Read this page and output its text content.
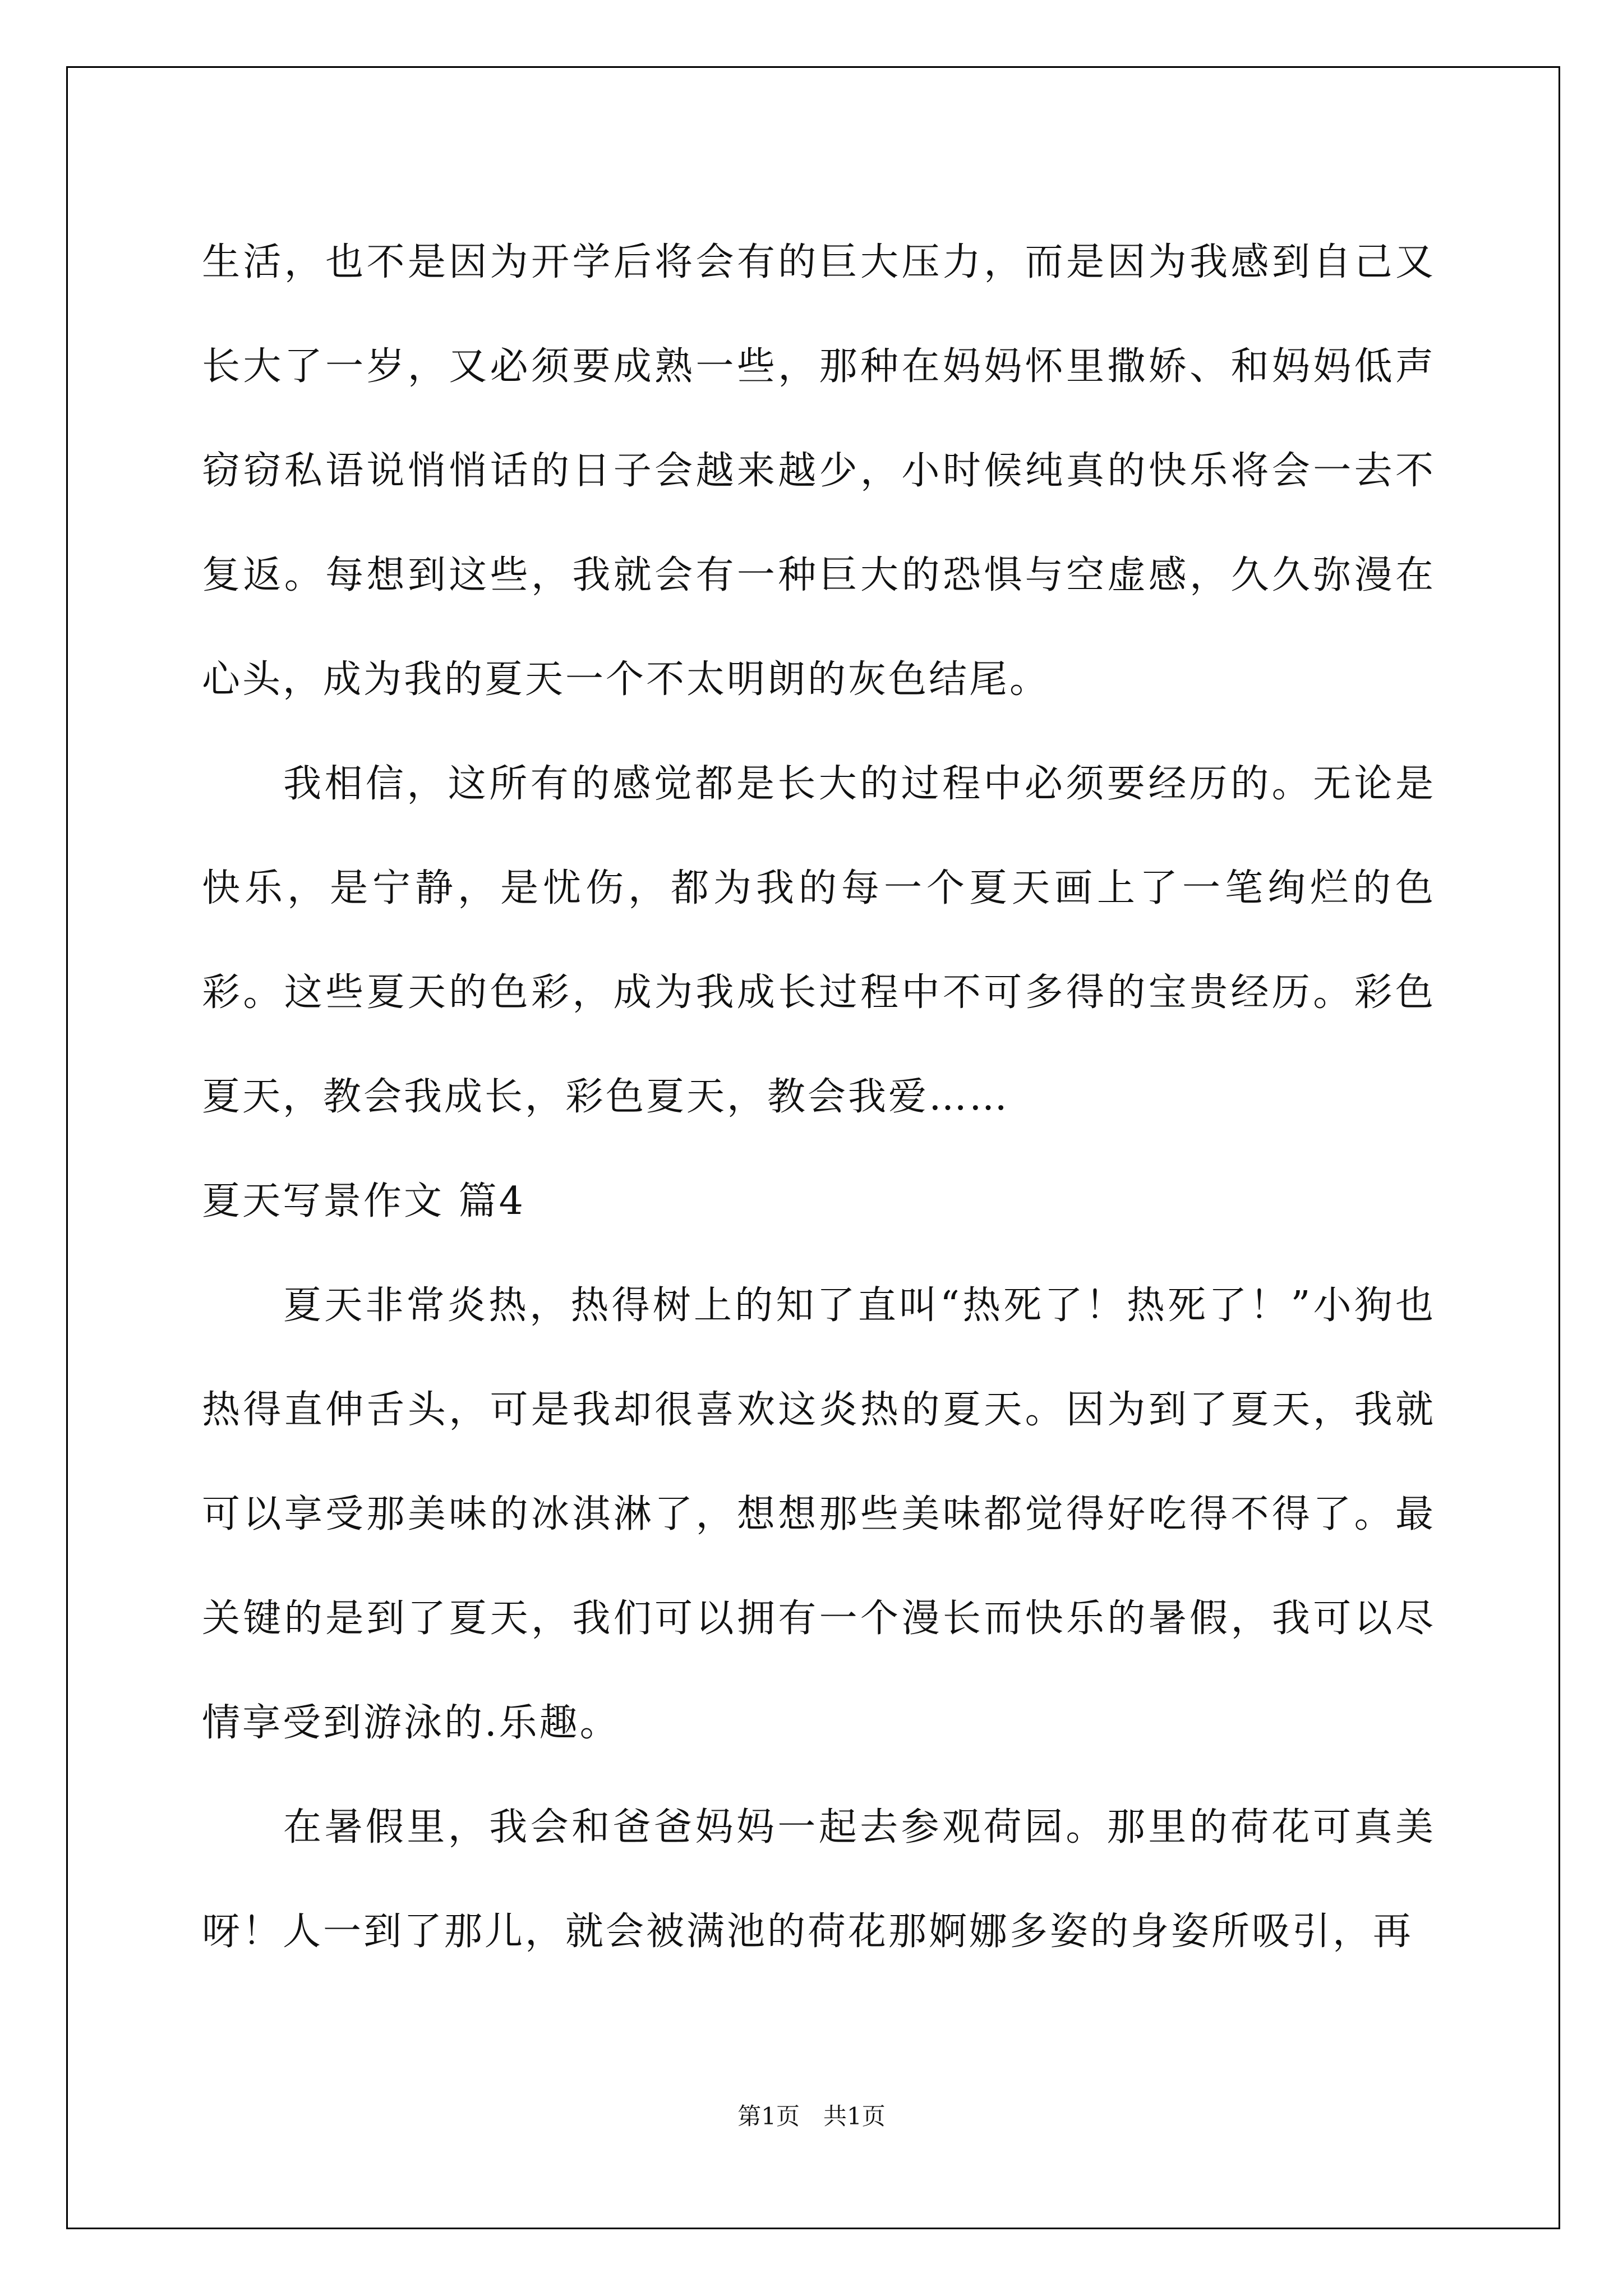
生活，也不是因为开学后将会有的巨大压力，而是因为我感到自己又长大了一岁，又必须要成熟一些，那种在妈妈怀里撒娇、和妈妈低声窃窃私语说悄悄话的日子会越来越少，小时候纯真的快乐将会一去不复返。每想到这些，我就会有一种巨大的恐惧与空虚感，久久弥漫在心头，成为我的夏天一个不太明朗的灰色结尾。

我相信，这所有的感觉都是长大的过程中必须要经历的。无论是快乐，是宁静，是忧伤，都为我的每一个夏天画上了一笔绚烂的色彩。这些夏天的色彩，成为我成长过程中不可多得的宝贵经历。彩色夏天，教会我成长，彩色夏天，教会我爱……

夏天写景作文 篇4

夏天非常炎热，热得树上的知了直叫“热死了！热死了！”小狗也热得直伸舌头，可是我却很喜欢这炎热的夏天。因为到了夏天，我就可以享受那美味的冰淇淋了，想想那些美味都觉得好吃得不得了。最关键的是到了夏天，我们可以拥有一个漫长而快乐的暑假，我可以尽情享受到游泳的.乐趣。

在暑假里，我会和爸爸妈妈一起去参观荷园。那里的荷花可真美呀！人一到了那儿，就会被满池的荷花那婀娜多姿的身姿所吸引，再

第1页　共1页
